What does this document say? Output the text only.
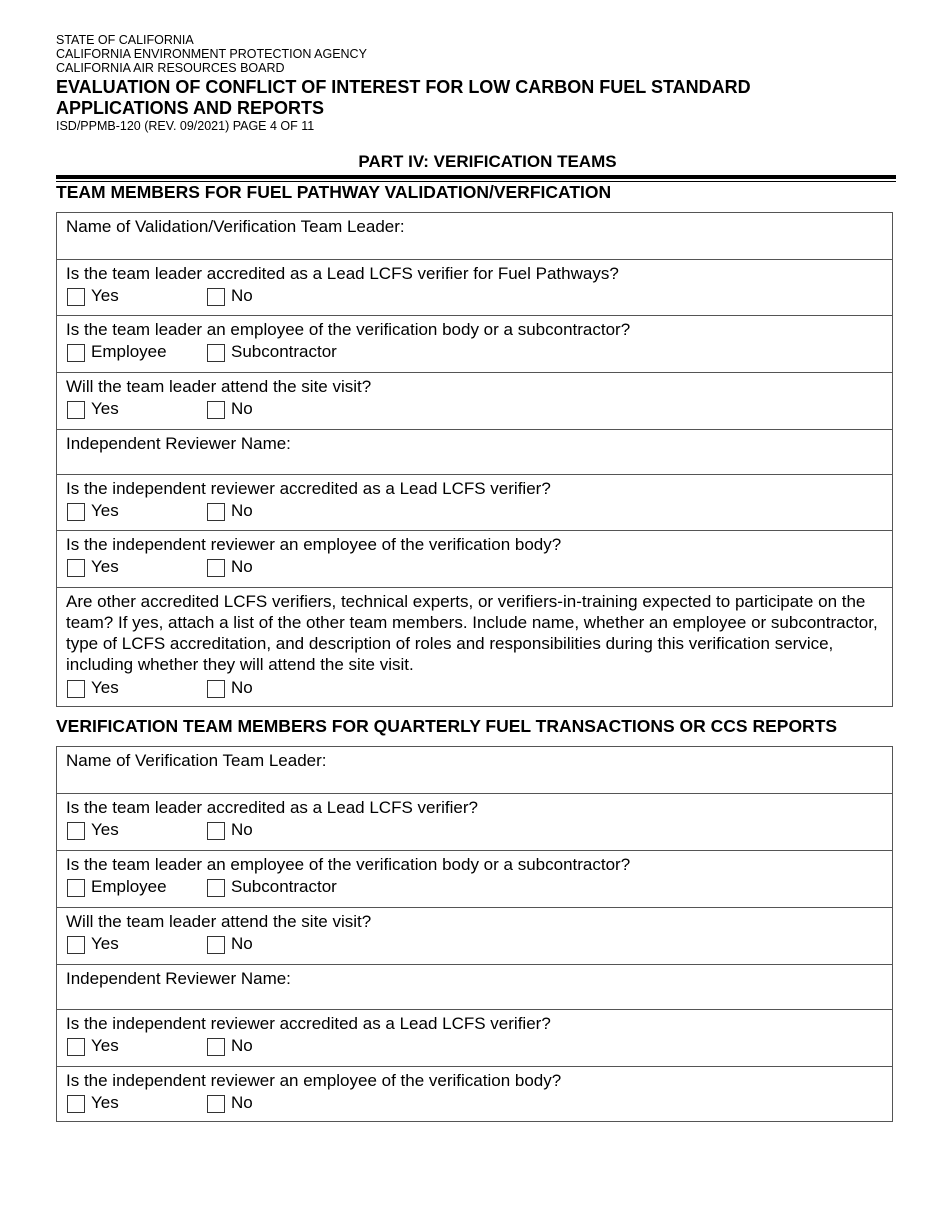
STATE OF CALIFORNIA
CALIFORNIA ENVIRONMENT PROTECTION AGENCY
CALIFORNIA AIR RESOURCES BOARD
EVALUATION OF CONFLICT OF INTEREST FOR LOW CARBON FUEL STANDARD
APPLICATIONS AND REPORTS
ISD/PPMB-120 (REV. 09/2021) PAGE 4 OF 11
PART IV: VERIFICATION TEAMS
TEAM MEMBERS FOR FUEL PATHWAY VALIDATION/VERFICATION
Name of Validation/Verification Team Leader:
Is the team leader accredited as a Lead LCFS verifier for Fuel Pathways?
Yes	No
Is the team leader an employee of the verification body or a subcontractor?
Employee	Subcontractor
Will the team leader attend the site visit?
Yes	No
Independent Reviewer Name:
Is the independent reviewer accredited as a Lead LCFS verifier?
Yes	No
Is the independent reviewer an employee of the verification body?
Yes	No
Are other accredited LCFS verifiers, technical experts, or verifiers-in-training expected to participate on the team? If yes, attach a list of the other team members. Include name, whether an employee or subcontractor, type of LCFS accreditation, and description of roles and responsibilities during this verification service, including whether they will attend the site visit.
Yes	No
VERIFICATION TEAM MEMBERS FOR QUARTERLY FUEL TRANSACTIONS OR CCS REPORTS
Name of Verification Team Leader:
Is the team leader accredited as a Lead LCFS verifier?
Yes	No
Is the team leader an employee of the verification body or a subcontractor?
Employee	Subcontractor
Will the team leader attend the site visit?
Yes	No
Independent Reviewer Name:
Is the independent reviewer accredited as a Lead LCFS verifier?
Yes	No
Is the independent reviewer an employee of the verification body?
Yes	No
